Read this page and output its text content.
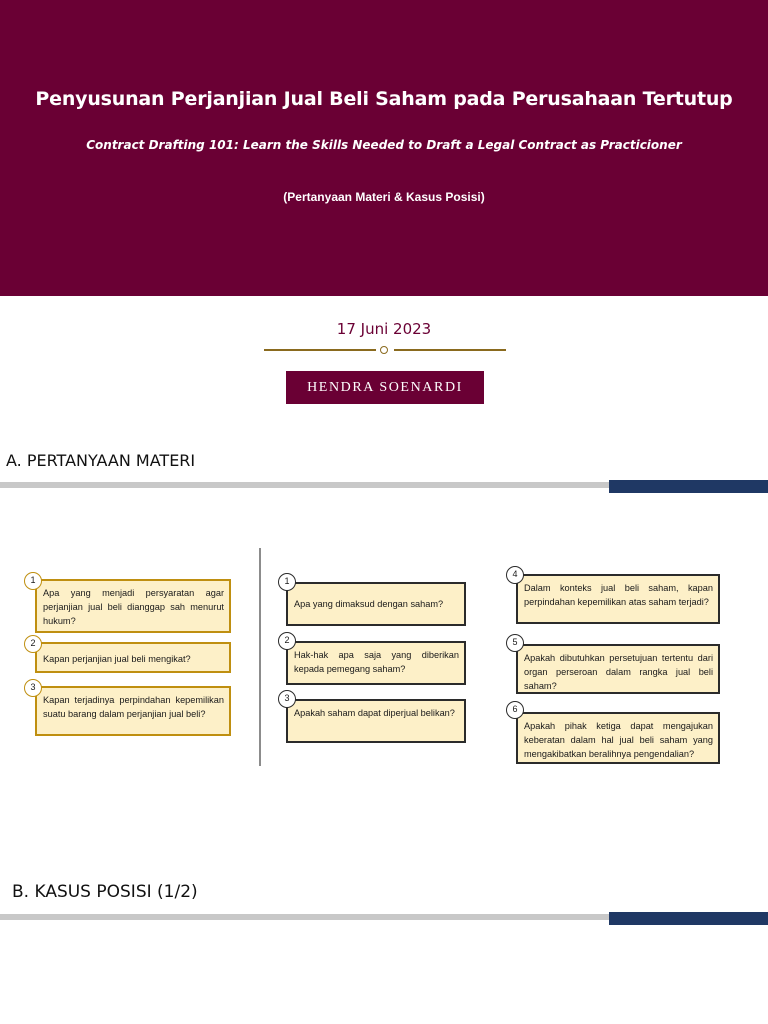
Penyusunan Perjanjian Jual Beli Saham pada Perusahaan Tertutup
Contract Drafting 101: Learn the Skills Needed to Draft a Legal Contract as Practicioner
(Pertanyaan Materi & Kasus Posisi)
17 Juni 2023
HENDRA SOENARDI
A. PERTANYAAN MATERI
Apa yang menjadi persyaratan agar perjanjian jual beli dianggap sah menurut hukum?
1
Kapan perjanjian jual beli mengikat?
2
Kapan terjadinya perpindahan kepemilikan suatu barang dalam perjanjian jual beli?
3
Apa yang dimaksud dengan saham?
1
Hak-hak apa saja yang diberikan kepada pemegang saham?
2
Apakah saham dapat diperjual belikan?
3
Dalam konteks jual beli saham, kapan perpindahan kepemilikan atas saham terjadi?
4
Apakah dibutuhkan persetujuan tertentu dari organ perseroan dalam rangka jual beli saham?
5
Apakah pihak ketiga dapat mengajukan keberatan dalam hal jual beli saham yang mengakibatkan beralihnya pengendalian?
6
B. KASUS POSISI (1/2)
